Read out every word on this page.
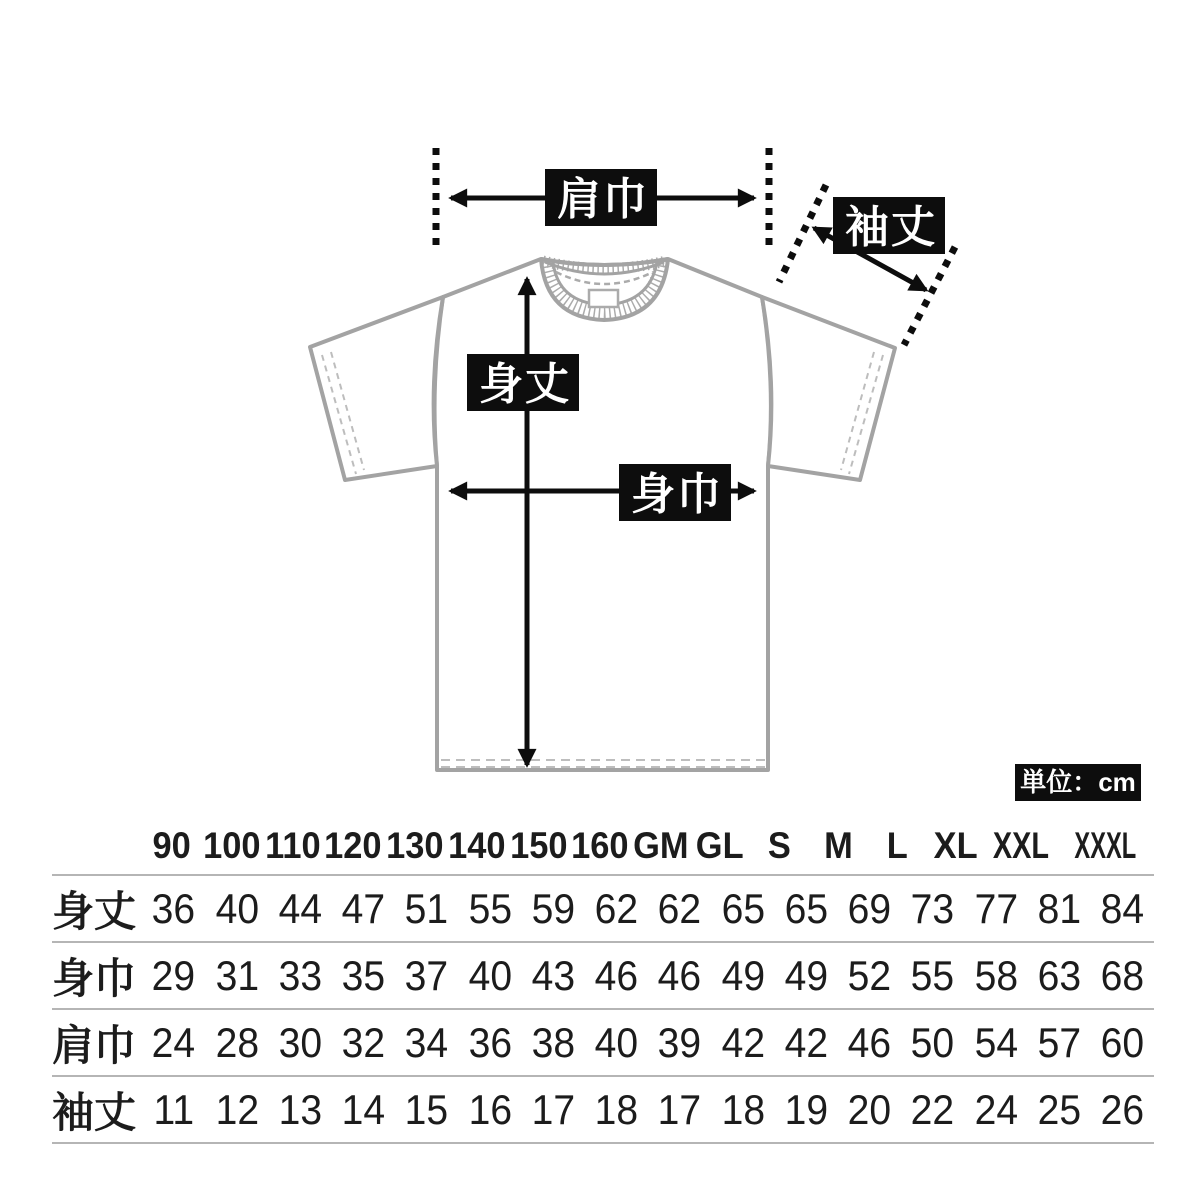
肩巾
袖丈
身丈
身巾
単位：cm
90 100 110 120 130 140 150 160 GM GL S M L XL XXL XXXL
身丈 36 40 44 47 51 55 59 62 62 65 65 69 73 77 81 84
身巾 29 31 33 35 37 40 43 46 46 49 49 52 55 58 63 68
肩巾 24 28 30 32 34 36 38 40 39 42 42 46 50 54 57 60
袖丈 11 12 13 14 15 16 17 18 17 18 19 20 22 24 25 26
